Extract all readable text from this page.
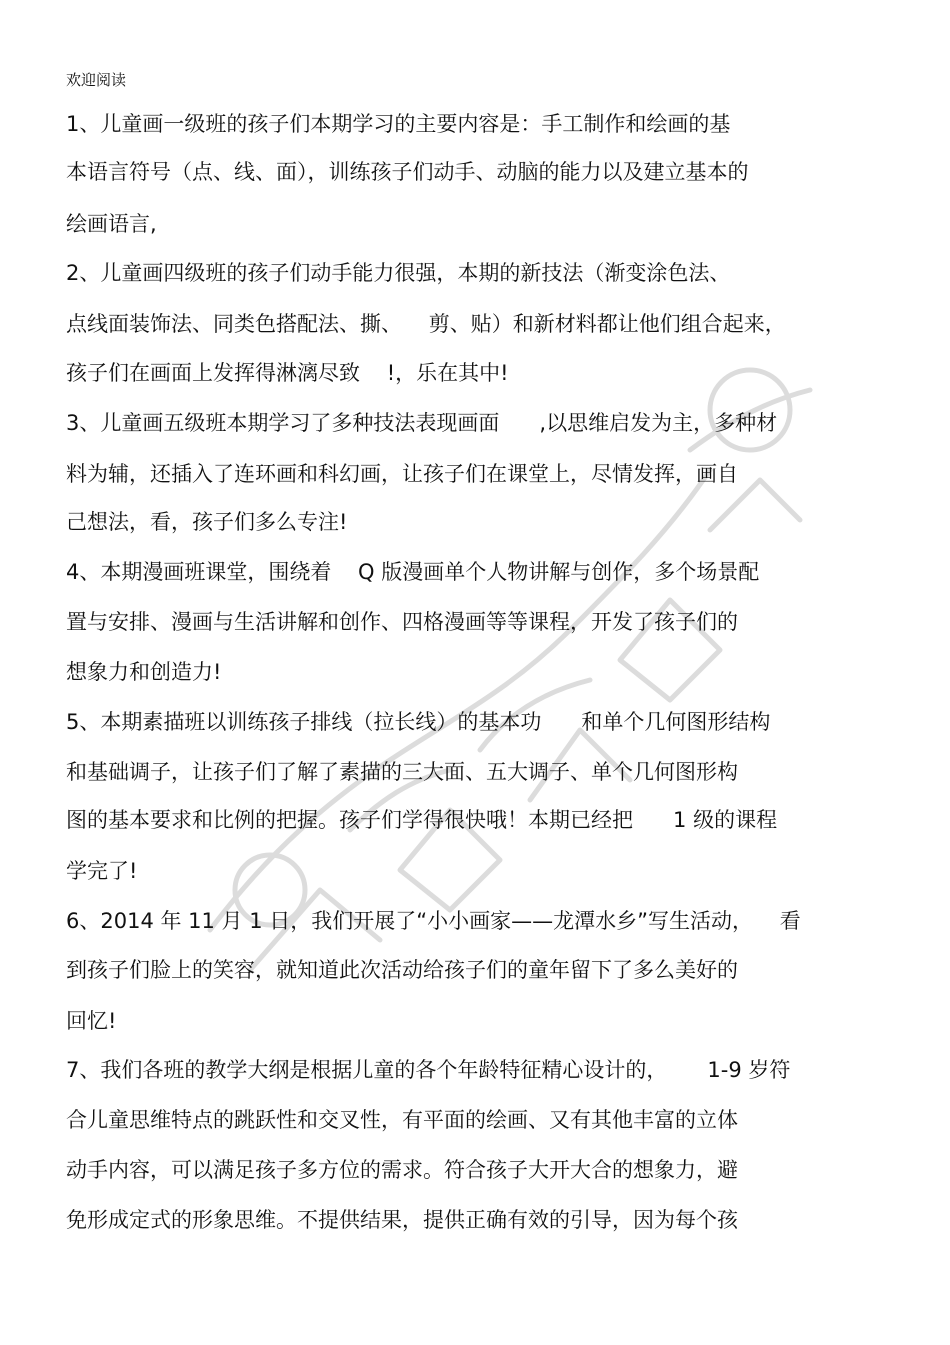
欢迎阅读
1、儿童画一级班的孩子们本期学习的主要内容是：手工制作和绘画的基
本语言符号（点、线、面），训练孩子们动手、动脑的能力以及建立基本的
绘画语言,
2、儿童画四级班的孩子们动手能力很强，本期的新技法（渐变涂色法、
点线面装饰法、同类色搭配法、撕、    剪、贴）和新材料都让他们组合起来，
孩子们在画面上发挥得淋漓尽致    !，乐在其中!
3、儿童画五级班本期学习了多种技法表现画面      ,以思维启发为主，多种材
料为辅，还插入了连环画和科幻画，让孩子们在课堂上，尽情发挥，画自
己想法，看，孩子们多么专注!
4、本期漫画班课堂，围绕着    Q 版漫画单个人物讲解与创作，多个场景配
置与安排、漫画与生活讲解和创作、四格漫画等等课程，开发了孩子们的
想象力和创造力!
5、本期素描班以训练孩子排线（拉长线）的基本功      和单个几何图形结构
和基础调子，让孩子们了解了素描的三大面、五大调子、单个几何图形构
图的基本要求和比例的把握。孩子们学得很快哦！本期已经把      1 级的课程
学完了!
6、2014 年 11 月 1 日，我们开展了“小小画家——龙潭水乡”写生活动，    看
到孩子们脸上的笑容，就知道此次活动给孩子们的童年留下了多么美好的
回忆!
7、我们各班的教学大纲是根据儿童的各个年龄特征精心设计的，      1-9 岁符
合儿童思维特点的跳跃性和交叉性，有平面的绘画、又有其他丰富的立体
动手内容，可以满足孩子多方位的需求。符合孩子大开大合的想象力，避
免形成定式的形象思维。不提供结果，提供正确有效的引导，因为每个孩
